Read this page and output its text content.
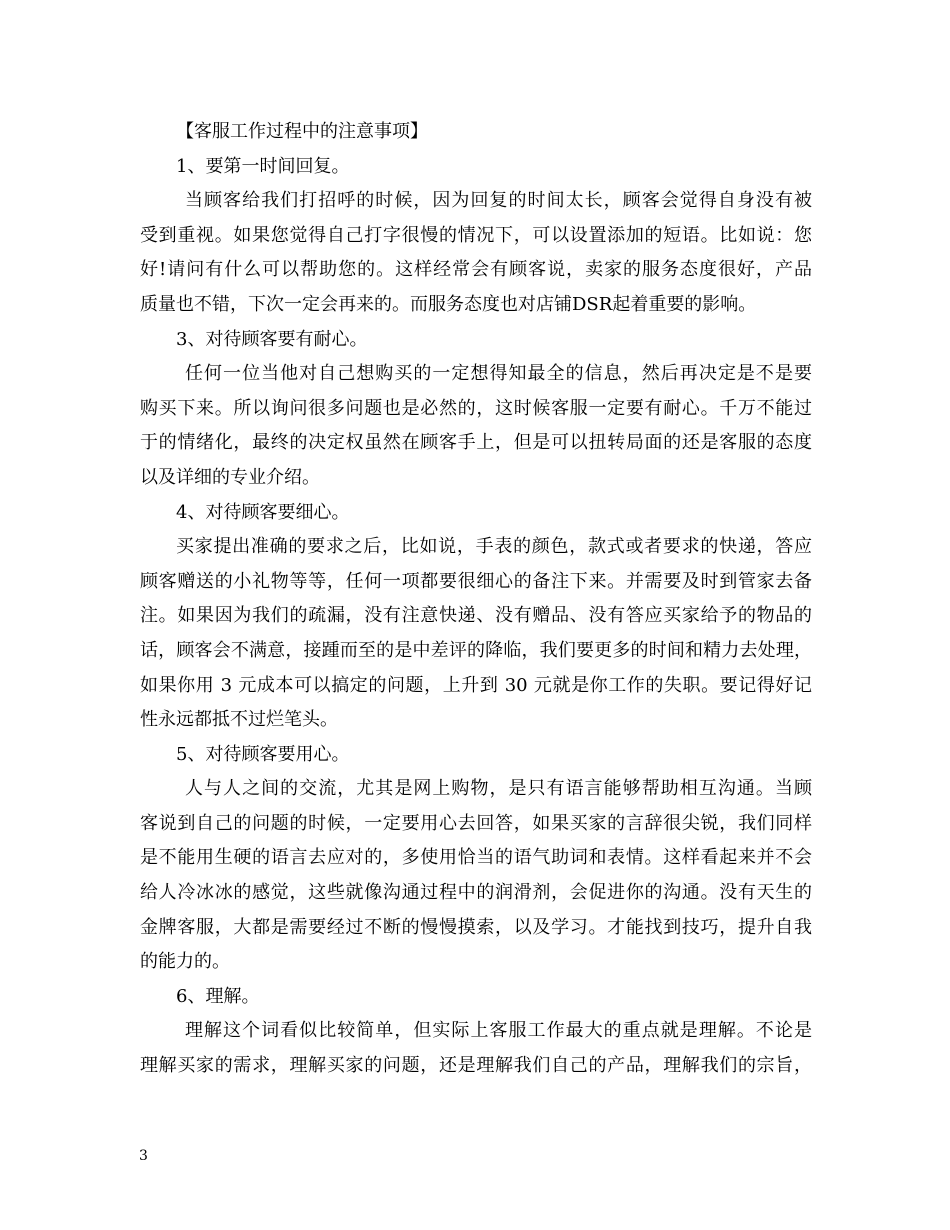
【客服工作过程中的注意事项】
1、要第一时间回复。
当顾客给我们打招呼的时候，因为回复的时间太长，顾客会觉得自身没有被
受到重视。如果您觉得自己打字很慢的情况下，可以设置添加的短语。比如说：您
好!请问有什么可以帮助您的。这样经常会有顾客说，卖家的服务态度很好，产品
质量也不错，下次一定会再来的。而服务态度也对店铺DSR起着重要的影响。
3、对待顾客要有耐心。
任何一位当他对自己想购买的一定想得知最全的信息，然后再决定是不是要
购买下来。所以询问很多问题也是必然的，这时候客服一定要有耐心。千万不能过
于的情绪化，最终的决定权虽然在顾客手上，但是可以扭转局面的还是客服的态度
以及详细的专业介绍。
4、对待顾客要细心。
买家提出准确的要求之后，比如说，手表的颜色，款式或者要求的快递，答应
顾客赠送的小礼物等等，任何一项都要很细心的备注下来。并需要及时到管家去备
注。如果因为我们的疏漏，没有注意快递、没有赠品、没有答应买家给予的物品的
话，顾客会不满意，接踵而至的是中差评的降临，我们要更多的时间和精力去处理，
如果你用 3 元成本可以搞定的问题，上升到 30 元就是你工作的失职。要记得好记
性永远都抵不过烂笔头。
5、对待顾客要用心。
人与人之间的交流，尤其是网上购物，是只有语言能够帮助相互沟通。当顾
客说到自己的问题的时候，一定要用心去回答，如果买家的言辞很尖锐，我们同样
是不能用生硬的语言去应对的，多使用恰当的语气助词和表情。这样看起来并不会
给人冷冰冰的感觉，这些就像沟通过程中的润滑剂，会促进你的沟通。没有天生的
金牌客服，大都是需要经过不断的慢慢摸索，以及学习。才能找到技巧，提升自我
的能力的。
6、理解。
理解这个词看似比较简单，但实际上客服工作最大的重点就是理解。不论是
理解买家的需求，理解买家的问题，还是理解我们自己的产品，理解我们的宗旨，
3
